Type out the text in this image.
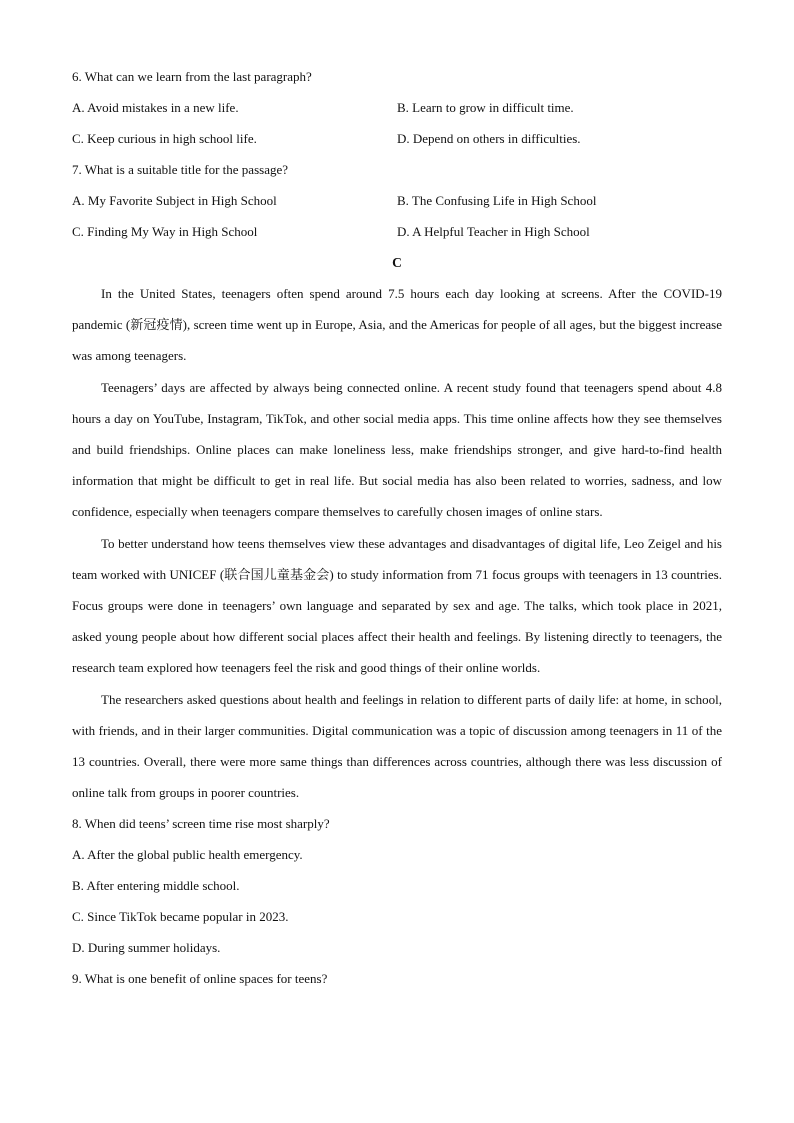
6. What can we learn from the last paragraph?
A. Avoid mistakes in a new life.	B. Learn to grow in difficult time.
C. Keep curious in high school life.	D. Depend on others in difficulties.
7. What is a suitable title for the passage?
A. My Favorite Subject in High School	B. The Confusing Life in High School
C. Finding My Way in High School	D. A Helpful Teacher in High School
C

In the United States, teenagers often spend around 7.5 hours each day looking at screens. After the COVID-19 pandemic (新冠疫情), screen time went up in Europe, Asia, and the Americas for people of all ages, but the biggest increase was among teenagers.

Teenagers’ days are affected by always being connected online. A recent study found that teenagers spend about 4.8 hours a day on YouTube, Instagram, TikTok, and other social media apps. This time online affects how they see themselves and build friendships. Online places can make loneliness less, make friendships stronger, and give hard-to-find health information that might be difficult to get in real life. But social media has also been related to worries, sadness, and low confidence, especially when teenagers compare themselves to carefully chosen images of online stars.

To better understand how teens themselves view these advantages and disadvantages of digital life, Leo Zeigel and his team worked with UNICEF (联合国儿童基金会) to study information from 71 focus groups with teenagers in 13 countries. Focus groups were done in teenagers’ own language and separated by sex and age. The talks, which took place in 2021, asked young people about how different social places affect their health and feelings. By listening directly to teenagers, the research team explored how teenagers feel the risk and good things of their online worlds.

The researchers asked questions about health and feelings in relation to different parts of daily life: at home, in school, with friends, and in their larger communities. Digital communication was a topic of discussion among teenagers in 11 of the 13 countries. Overall, there were more same things than differences across countries, although there was less discussion of online talk from groups in poorer countries.

8. When did teens’ screen time rise most sharply?
A. After the global public health emergency.
B. After entering middle school.
C. Since TikTok became popular in 2023.
D. During summer holidays.
9. What is one benefit of online spaces for teens?
